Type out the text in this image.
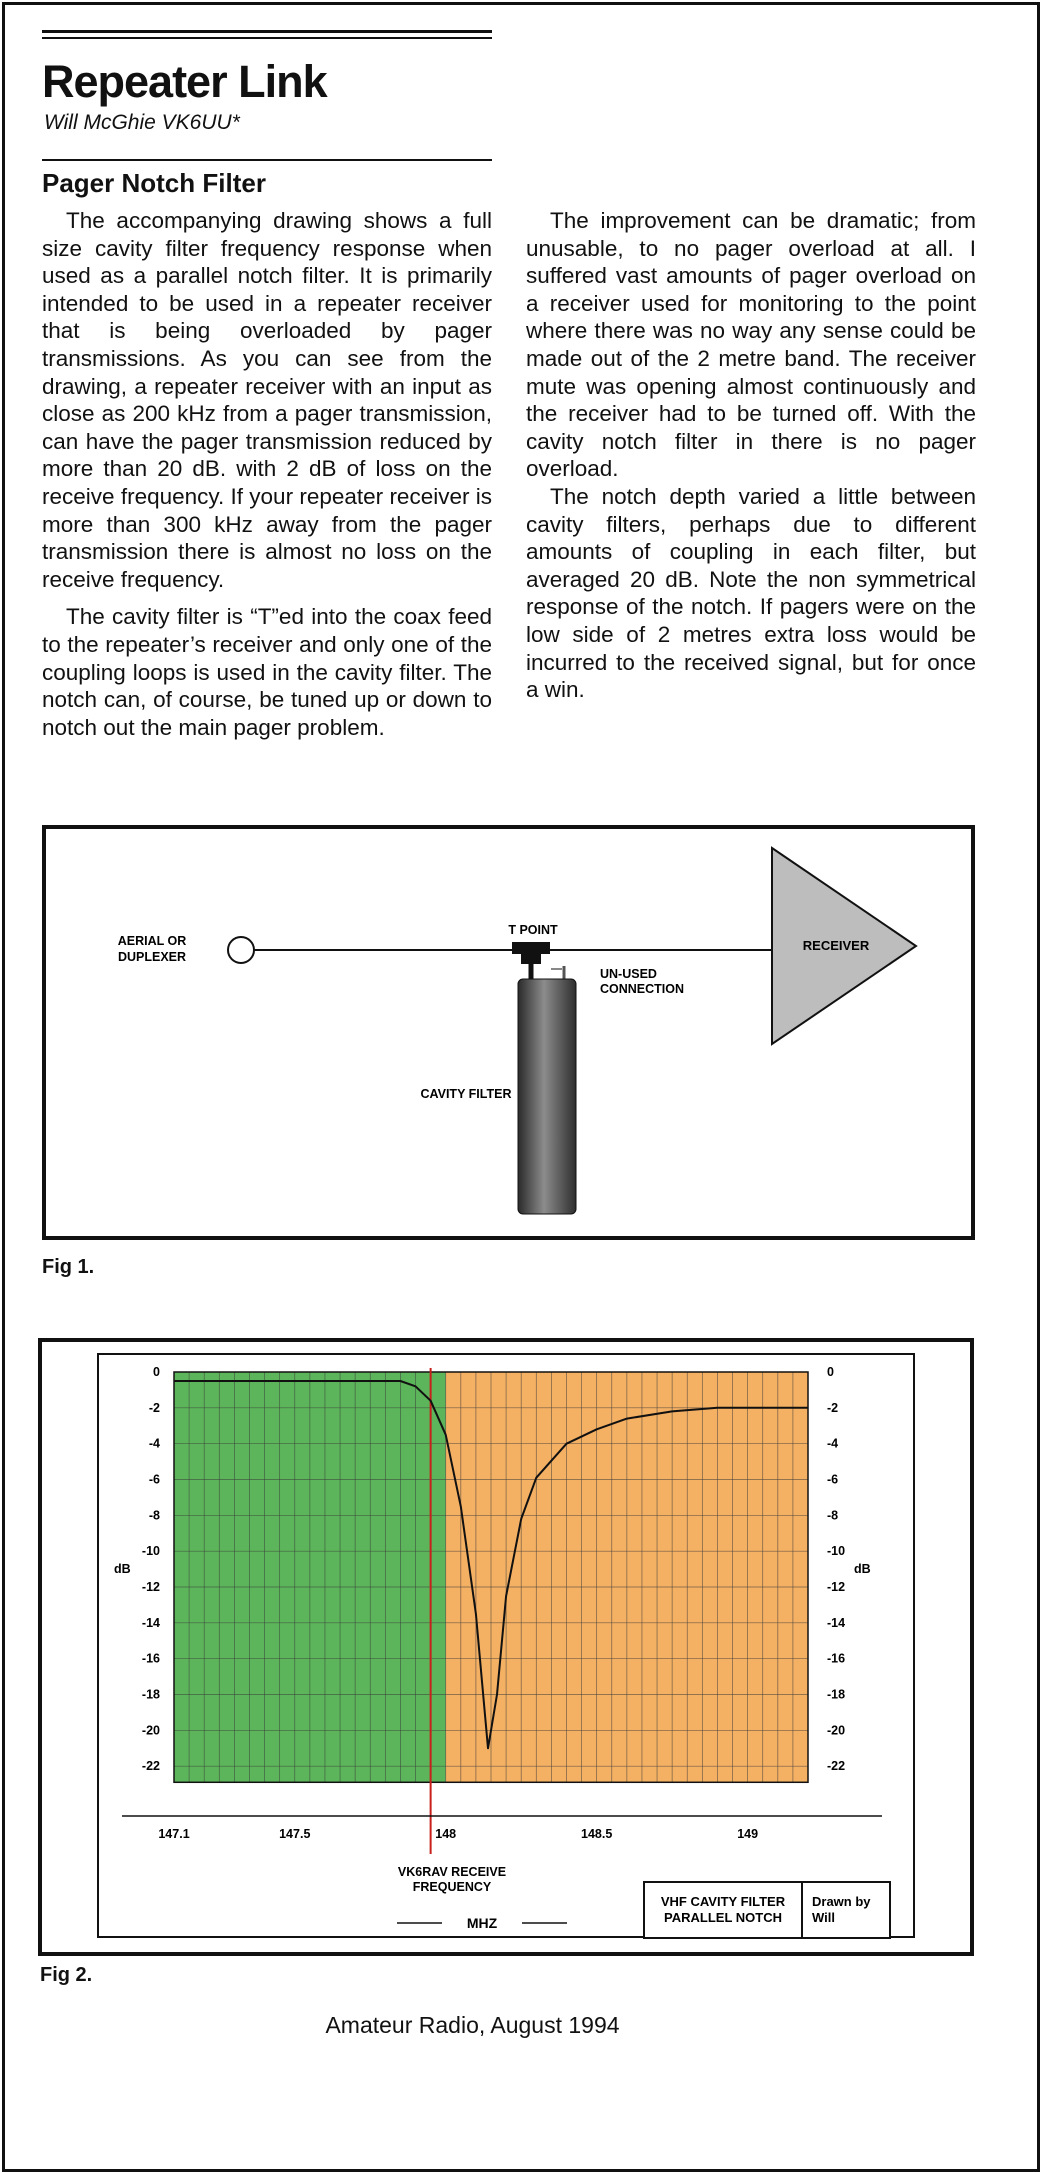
Repeater Link
Will McGhie VK6UU*
Pager Notch Filter

The accompanying drawing shows a full size cavity filter frequency response when used as a parallel notch filter. It is primarily intended to be used in a repeater receiver that is being overloaded by pager transmissions. As you can see from the drawing, a repeater receiver with an input as close as 200 kHz from a pager transmission, can have the pager transmission reduced by more than 20 dB. with 2 dB of loss on the receive frequency. If your repeater receiver is more than 300 kHz away from the pager transmission there is almost no loss on the receive frequency.

The cavity filter is “T”ed into the coax feed to the repeater’s receiver and only one of the coupling loops is used in the cavity filter. The notch can, of course, be tuned up or down to notch out the main pager problem.

The improvement can be dramatic; from unusable, to no pager overload at all. I suffered vast amounts of pager overload on a receiver used for monitoring to the point where there was no way any sense could be made out of the 2 metre band. The receiver mute was opening almost continuously and the receiver had to be turned off. With the cavity notch filter in there is no pager overload.

The notch depth varied a little between cavity filters, perhaps due to different amounts of coupling in each filter, but averaged 20 dB. Note the non symmetrical response of the notch. If pagers were on the low side of 2 metres extra loss would be incurred to the received signal, but for once a win.

AERIAL OR
DUPLEXER
T POINT
UN-USED
CONNECTION
CAVITY FILTER
RECEIVER
Fig 1.
147.1	147.5	148	148.5	149
0	0
-2	-2
-4	-4
-6	-6
-8	-8
-10	-10
-12	-12
-14	-14
-16	-16
-18	-18
-20	-20
-22	-22
dB	dB
MHZ
VK6RAV RECEIVE
FREQUENCY
VHF CAVITY FILTER
PARALLEL NOTCH
Drawn by
Will
Fig 2.
Amateur Radio, August 1994
